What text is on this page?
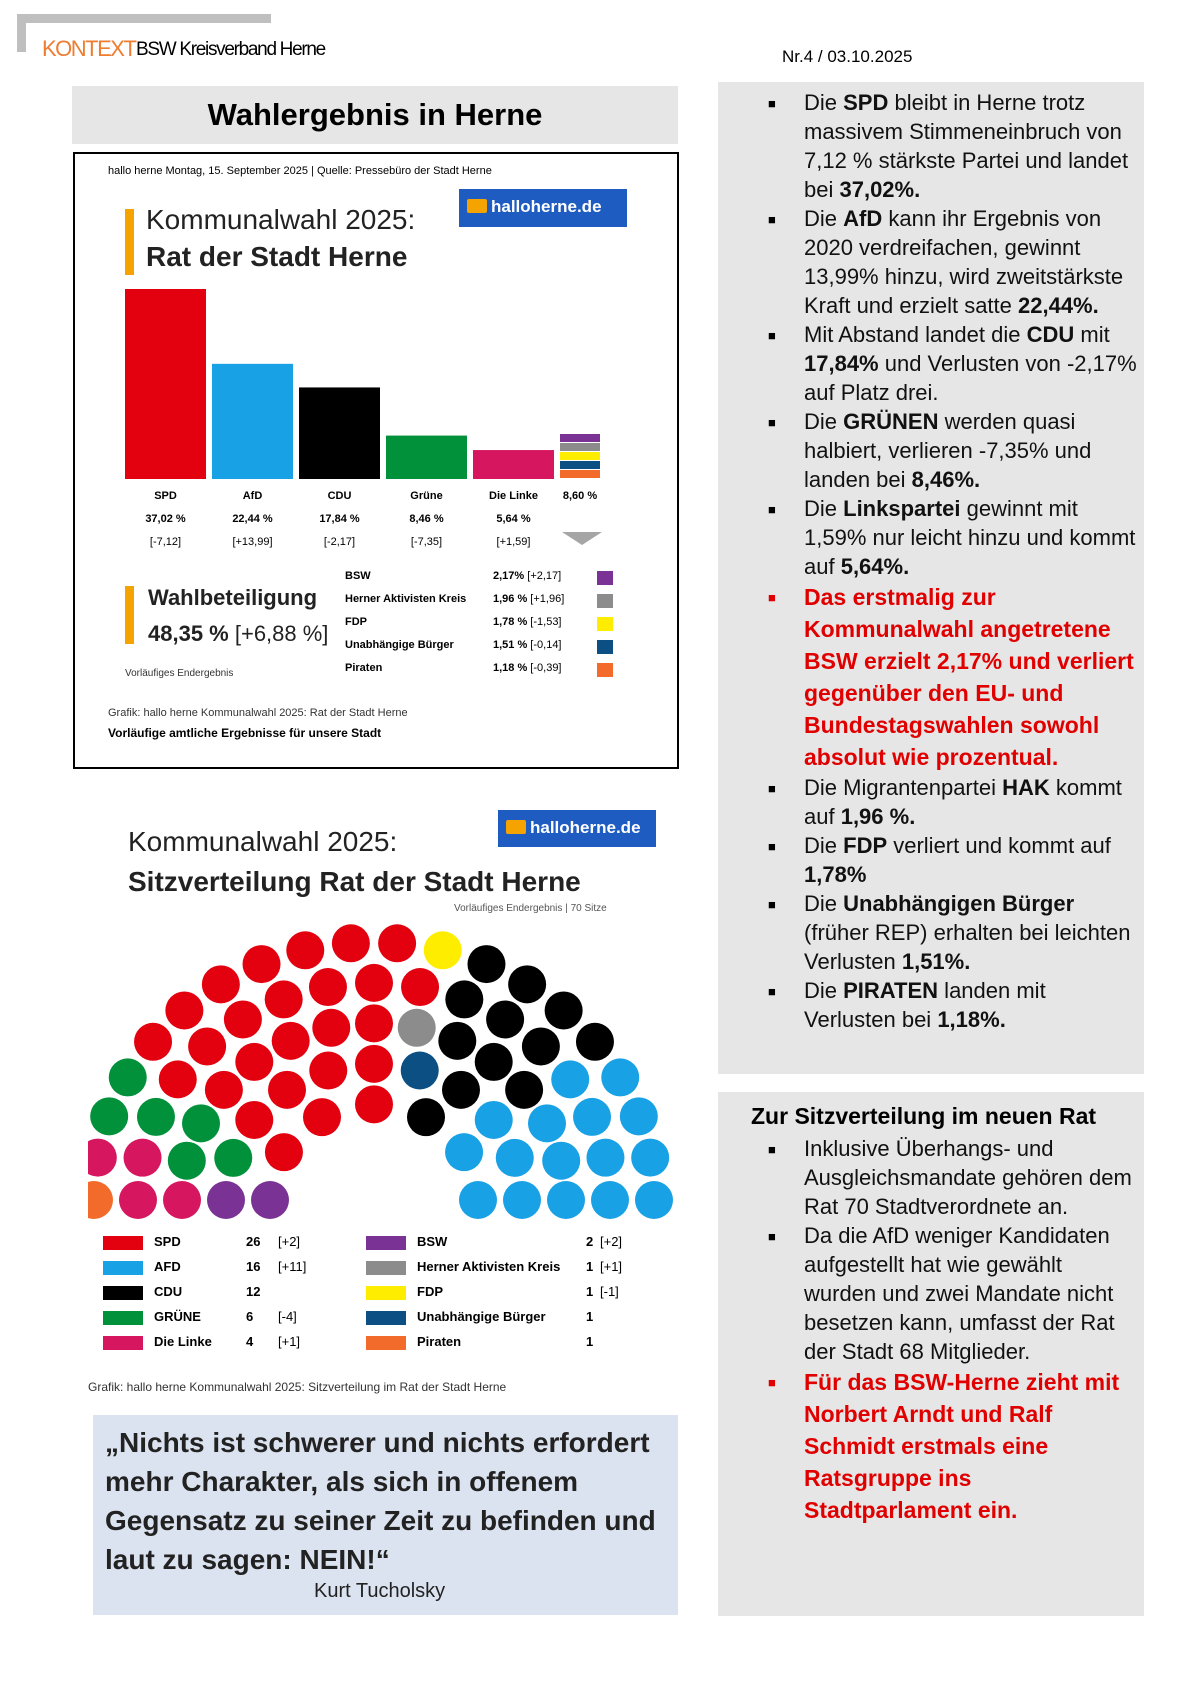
KONTEXT BSW Kreisverband Herne	Nr.4 / 03.10.2025
Wahlergebnis in Herne
hallo herne Montag, 15. September 2025 | Quelle: Pressebüro der Stadt Herne
halloherne.de
Kommunalwahl 2025:
Rat der Stadt Herne
SPD
37,02 %
[-7,12]
AfD
22,44 %
[+13,99]
CDU
17,84 %
[-2,17]
Grüne
8,46 %
[-7,35]
Die Linke
5,64 %
[+1,59]
8,60 %
Wahlbeteiligung
48,35 % [+6,88 %]
Vorläufiges Endergebnis
BSW	2,17% [+2,17]
Herner Aktivisten Kreis 1,96 % [+1,96]
FDP	1,78 % [-1,53]
Unabhängige Bürger	1,51 % [-0,14]
Piraten	1,18 % [-0,39]
Grafik: hallo herne Kommunalwahl 2025: Rat der Stadt Herne
Vorläufige amtliche Ergebnisse für unsere Stadt
halloherne.de
Kommunalwahl 2025:
Sitzverteilung Rat der Stadt Herne
Vorläufiges Endergebnis | 70 Sitze
SPD	26 [+2]
AFD	16 [+11]
CDU	12
GRÜNE	6 [-4]
Die Linke	4 [+1]
BSW	2 [+2]
Herner Aktivisten Kreis 1 [+1]
FDP	1 [-1]
Unabhängige Bürger	1
Piraten	1
Grafik: hallo herne Kommunalwahl 2025: Sitzverteilung im Rat der Stadt Herne
„Nichts ist schwerer und nichts erfordert mehr Charakter, als sich in offenem Gegensatz zu seiner Zeit zu befinden und laut zu sagen: NEIN!“
Kurt Tucholsky
■ Die SPD bleibt in Herne trotz massivem Stimmeneinbruch von 7,12 % stärkste Partei und landet bei 37,02%.
■ Die AfD kann ihr Ergebnis von 2020 verdreifachen, gewinnt 13,99% hinzu, wird zweitstärkste Kraft und erzielt satte 22,44%.
■ Mit Abstand landet die CDU mit 17,84% und Verlusten von -2,17% auf Platz drei.
■ Die GRÜNEN werden quasi halbiert, verlieren -7,35% und landen bei 8,46%.
■ Die Linkspartei gewinnt mit 1,59% nur leicht hinzu und kommt auf 5,64%.
■ Das erstmalig zur Kommunalwahl angetretene BSW erzielt 2,17% und verliert gegenüber den EU- und Bundestagswahlen sowohl absolut wie prozentual.
■ Die Migrantenpartei HAK kommt auf 1,96 %.
■ Die FDP verliert und kommt auf 1,78%
■ Die Unabhängigen Bürger (früher REP) erhalten bei leichten Verlusten 1,51%.
■ Die PIRATEN landen mit Verlusten bei 1,18%.
Zur Sitzverteilung im neuen Rat
■ Inklusive Überhangs- und Ausgleichsmandate gehören dem Rat 70 Stadtverordnete an.
■ Da die AfD weniger Kandidaten aufgestellt hat wie gewählt wurden und zwei Mandate nicht besetzen kann, umfasst der Rat der Stadt 68 Mitglieder.
■ Für das BSW-Herne zieht mit Norbert Arndt und Ralf Schmidt erstmals eine Ratsgruppe ins Stadtparlament ein.
